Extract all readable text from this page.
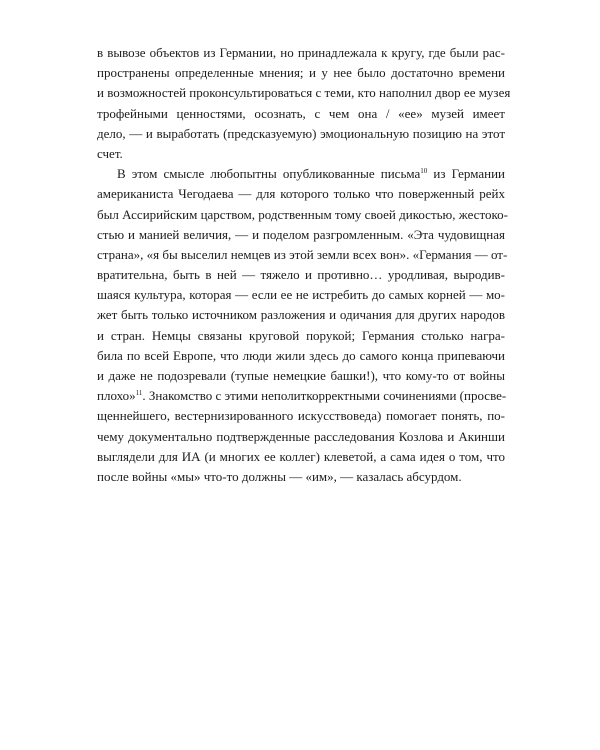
в вывозе объектов из Германии, но принадлежала к кругу, где были рас-
пространены определенные мнения; и у нее было достаточно времени
и возможностей проконсультироваться с теми, кто наполнил двор ее музея
трофейными ценностями, осознать, с чем она / «ее» музей имеет
дело, — и выработать (предсказуемую) эмоциональную позицию на этот
счет.
В этом смысле любопытны опубликованные письма$^{10}$ из Германии
американиста Чегодаева — для которого только что поверженный рейх
был Ассирийским царством, родственным тому своей дикостью, жестоко-
стью и манией величия, — и поделом разгромленным. «Эта чудовищная
страна», «я бы выселил немцев из этой земли всех вон». «Германия — от-
вратительна, быть в ней — тяжело и противно… уродливая, выродив-
шаяся культура, которая — если ее не истребить до самых корней — мо-
жет быть только источником разложения и одичания для других народов
и стран. Немцы связаны круговой порукой; Германия столько награ-
била по всей Европе, что люди жили здесь до самого конца припеваючи
и даже не подозревали (тупые немецкие башки!), что кому-то от войны
плохо»$^{11}$. Знакомство с этими неполиткорректными сочинениями (просве-
щеннейшего, вестернизированного искусствоведа) помогает понять, по-
чему документально подтвержденные расследования Козлова и Акинши
выглядели для ИА (и многих ее коллег) клеветой, а сама идея о том, что
после войны «мы» что-то должны — «им», — казалась абсурдом.
